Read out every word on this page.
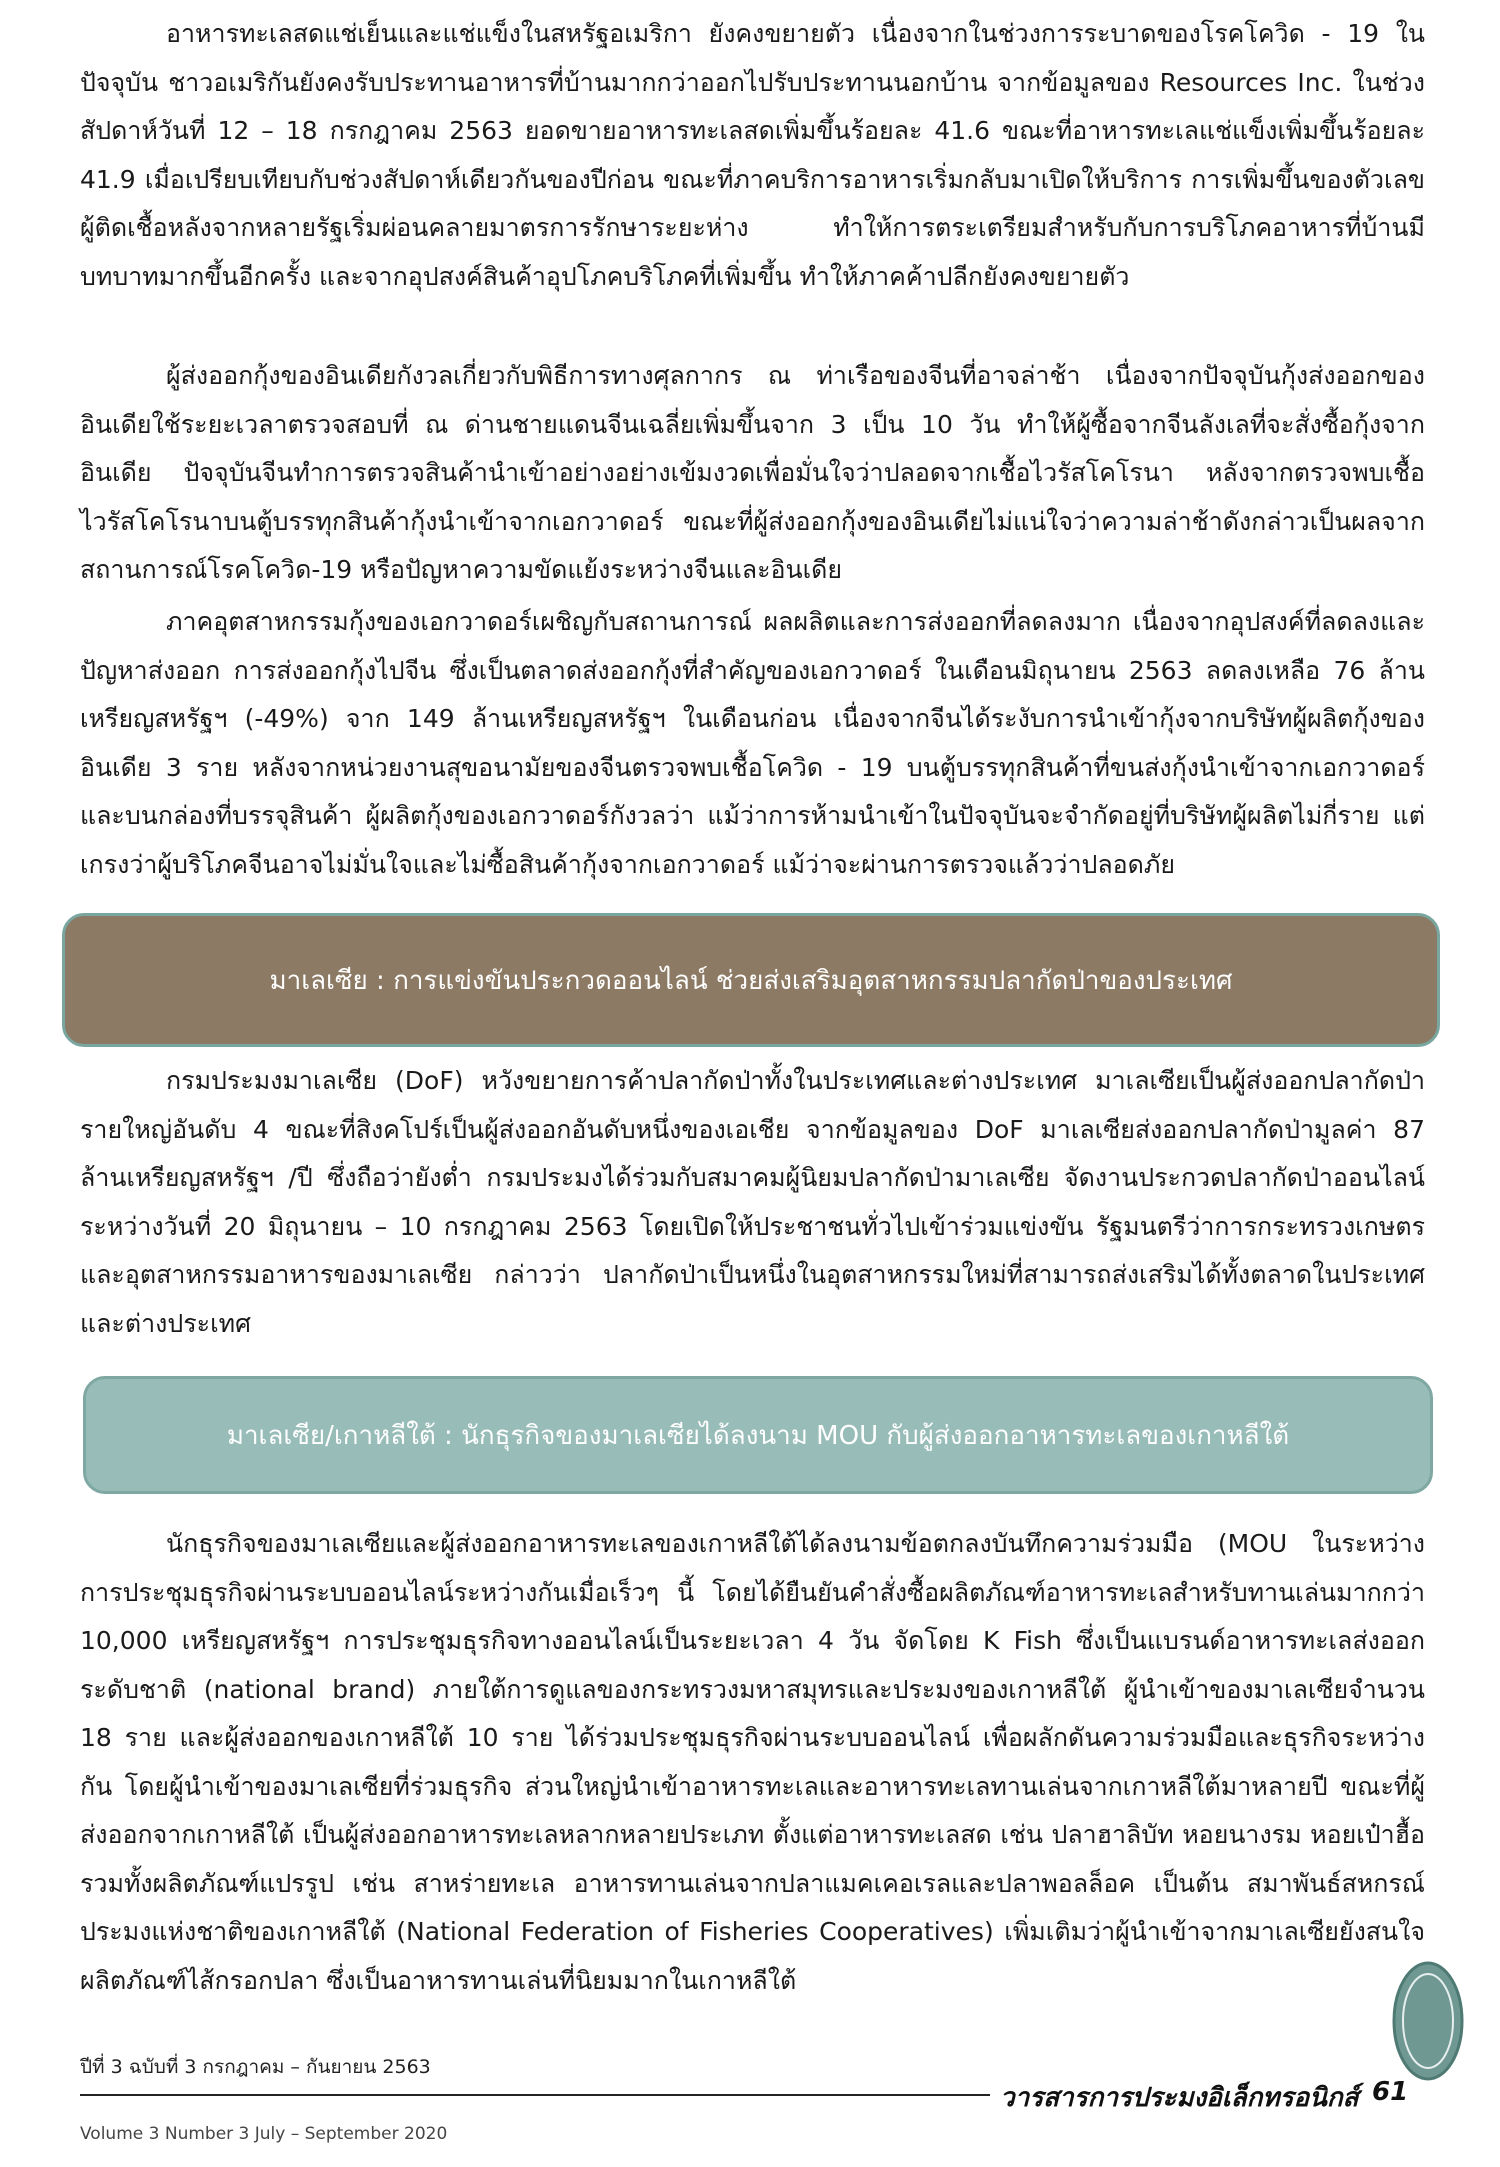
อาหารทะเลสดแช่เย็นและแช่แข็งในสหรัฐอเมริกา ยังคงขยายตัว เนื่องจากในช่วงการระบาดของโรคโควิด - 19 ในปัจจุบัน ชาวอเมริกันยังคงรับประทานอาหารที่บ้านมากกว่าออกไปรับประทานนอกบ้าน จากข้อมูลของ Resources Inc. ในช่วงสัปดาห์วันที่ 12 – 18 กรกฎาคม 2563 ยอดขายอาหารทะเลสดเพิ่มขึ้นร้อยละ 41.6 ขณะที่อาหารทะเลแช่แข็งเพิ่มขึ้นร้อยละ 41.9 เมื่อเปรียบเทียบกับช่วงสัปดาห์เดียวกันของปีก่อน ขณะที่ภาคบริการอาหารเริ่มกลับมาเปิดให้บริการ การเพิ่มขึ้นของตัวเลขผู้ติดเชื้อหลังจากหลายรัฐเริ่มผ่อนคลายมาตรการรักษาระยะห่าง ทำให้การตระเตรียมสำหรับกับการบริโภคอาหารที่บ้านมีบทบาทมากขึ้นอีกครั้ง และจากอุปสงค์สินค้าอุปโภคบริโภคที่เพิ่มขึ้น ทำให้ภาคค้าปลีกยังคงขยายตัว

ผู้ส่งออกกุ้งของอินเดียกังวลเกี่ยวกับพิธีการทางศุลกากร ณ ท่าเรือของจีนที่อาจล่าช้า เนื่องจากปัจจุบันกุ้งส่งออกของอินเดียใช้ระยะเวลาตรวจสอบที่ ณ ด่านชายแดนจีนเฉลี่ยเพิ่มขึ้นจาก 3 เป็น 10 วัน ทำให้ผู้ซื้อจากจีนลังเลที่จะสั่งซื้อกุ้งจากอินเดีย ปัจจุบันจีนทำการตรวจสินค้านำเข้าอย่างอย่างเข้มงวดเพื่อมั่นใจว่าปลอดจากเชื้อไวรัสโคโรนา หลังจากตรวจพบเชื้อไวรัสโคโรนาบนตู้บรรทุกสินค้ากุ้งนำเข้าจากเอกวาดอร์ ขณะที่ผู้ส่งออกกุ้งของอินเดียไม่แน่ใจว่าความล่าช้าดังกล่าวเป็นผลจากสถานการณ์โรคโควิด-19 หรือปัญหาความขัดแย้งระหว่างจีนและอินเดีย

ภาคอุตสาหกรรมกุ้งของเอกวาดอร์เผชิญกับสถานการณ์ ผลผลิตและการส่งออกที่ลดลงมาก เนื่องจากอุปสงค์ที่ลดลงและปัญหาส่งออก การส่งออกกุ้งไปจีน ซึ่งเป็นตลาดส่งออกกุ้งที่สำคัญของเอกวาดอร์ ในเดือนมิถุนายน 2563 ลดลงเหลือ 76 ล้านเหรียญสหรัฐฯ (-49%) จาก 149 ล้านเหรียญสหรัฐฯ ในเดือนก่อน เนื่องจากจีนได้ระงับการนำเข้ากุ้งจากบริษัทผู้ผลิตกุ้งของอินเดีย 3 ราย หลังจากหน่วยงานสุขอนามัยของจีนตรวจพบเชื้อโควิด - 19 บนตู้บรรทุกสินค้าที่ขนส่งกุ้งนำเข้าจากเอกวาดอร์ และบนกล่องที่บรรจุสินค้า ผู้ผลิตกุ้งของเอกวาดอร์กังวลว่า แม้ว่าการห้ามนำเข้าในปัจจุบันจะจำกัดอยู่ที่บริษัทผู้ผลิตไม่กี่ราย แต่เกรงว่าผู้บริโภคจีนอาจไม่มั่นใจและไม่ซื้อสินค้ากุ้งจากเอกวาดอร์ แม้ว่าจะผ่านการตรวจแล้วว่าปลอดภัย

มาเลเซีย : การแข่งขันประกวดออนไลน์ ช่วยส่งเสริมอุตสาหกรรมปลากัดป่าของประเทศ

กรมประมงมาเลเซีย (DoF) หวังขยายการค้าปลากัดป่าทั้งในประเทศและต่างประเทศ มาเลเซียเป็นผู้ส่งออกปลากัดป่ารายใหญ่อันดับ 4 ขณะที่สิงคโปร์เป็นผู้ส่งออกอันดับหนึ่งของเอเชีย จากข้อมูลของ DoF มาเลเซียส่งออกปลากัดป่ามูลค่า 87 ล้านเหรียญสหรัฐฯ /ปี ซึ่งถือว่ายังต่ำ กรมประมงได้ร่วมกับสมาคมผู้นิยมปลากัดป่ามาเลเซีย จัดงานประกวดปลากัดป่าออนไลน์ระหว่างวันที่ 20 มิถุนายน – 10 กรกฎาคม 2563 โดยเปิดให้ประชาชนทั่วไปเข้าร่วมแข่งขัน รัฐมนตรีว่าการกระทรวงเกษตรและอุตสาหกรรมอาหารของมาเลเซีย กล่าวว่า ปลากัดป่าเป็นหนึ่งในอุตสาหกรรมใหม่ที่สามารถส่งเสริมได้ทั้งตลาดในประเทศและต่างประเทศ

มาเลเซีย/เกาหลีใต้ : นักธุรกิจของมาเลเซียได้ลงนาม MOU กับผู้ส่งออกอาหารทะเลของเกาหลีใต้

นักธุรกิจของมาเลเซียและผู้ส่งออกอาหารทะเลของเกาหลีใต้ได้ลงนามข้อตกลงบันทึกความร่วมมือ (MOU ในระหว่างการประชุมธุรกิจผ่านระบบออนไลน์ระหว่างกันเมื่อเร็วๆ นี้ โดยได้ยืนยันคำสั่งซื้อผลิตภัณฑ์อาหารทะเลสำหรับทานเล่นมากกว่า 10,000 เหรียญสหรัฐฯ การประชุมธุรกิจทางออนไลน์เป็นระยะเวลา 4 วัน จัดโดย K Fish ซึ่งเป็นแบรนด์อาหารทะเลส่งออกระดับชาติ (national brand) ภายใต้การดูแลของกระทรวงมหาสมุทรและประมงของเกาหลีใต้ ผู้นำเข้าของมาเลเซียจำนวน 18 ราย และผู้ส่งออกของเกาหลีใต้ 10 ราย ได้ร่วมประชุมธุรกิจผ่านระบบออนไลน์ เพื่อผลักดันความร่วมมือและธุรกิจระหว่างกัน โดยผู้นำเข้าของมาเลเซียที่ร่วมธุรกิจ ส่วนใหญ่นำเข้าอาหารทะเลและอาหารทะเลทานเล่นจากเกาหลีใต้มาหลายปี ขณะที่ผู้ส่งออกจากเกาหลีใต้ เป็นผู้ส่งออกอาหารทะเลหลากหลายประเภท ตั้งแต่อาหารทะเลสด เช่น ปลาฮาลิบัท หอยนางรม หอยเป๋าฮื้อ รวมทั้งผลิตภัณฑ์แปรรูป เช่น สาหร่ายทะเล อาหารทานเล่นจากปลาแมคเคอเรลและปลาพอลล็อค เป็นต้น สมาพันธ์สหกรณ์ประมงแห่งชาติของเกาหลีใต้ (National Federation of Fisheries Cooperatives) เพิ่มเติมว่าผู้นำเข้าจากมาเลเซียยังสนใจผลิตภัณฑ์ไส้กรอกปลา ซึ่งเป็นอาหารทานเล่นที่นิยมมากในเกาหลีใต้

ปีที่ 3 ฉบับที่ 3 กรกฎาคม – กันยายน 2563
Volume 3 Number 3 July – September 2020
วารสารการประมงอิเล็กทรอนิกส์ 61
